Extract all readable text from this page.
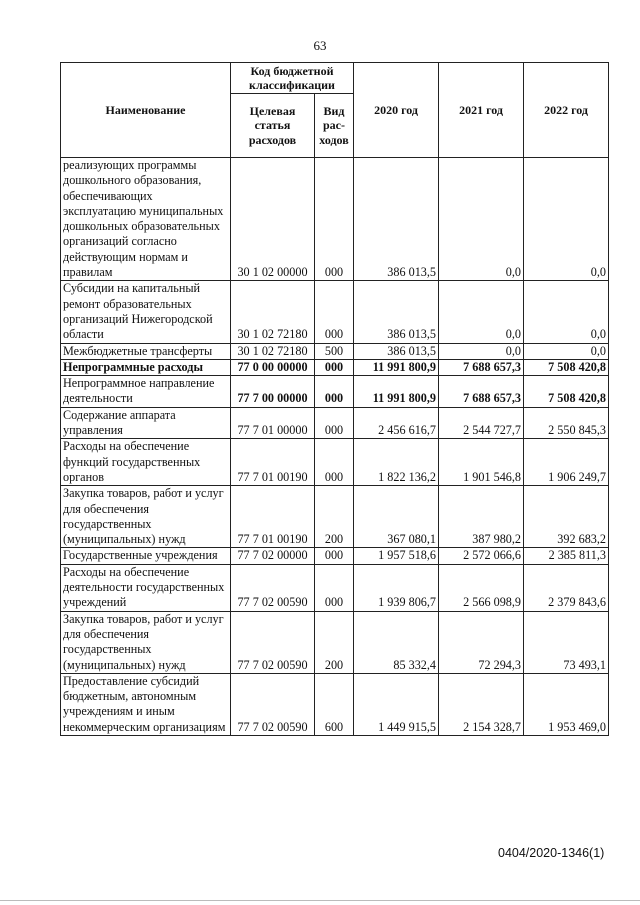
63
Наименование	Код бюджетной классификации		2020 год	2021 год	2022 год
	Целевая статья расходов	Вид рас- ходов			
реализующих программы дошкольного образования, обеспечивающих эксплуатацию муниципальных дошкольных образовательных организаций согласно действующим нормам и правилам	30 1 02 00000	000	386 013,5	0,0	0,0
Субсидии на капитальный ремонт образовательных организаций Нижегородской области	30 1 02 72180	000	386 013,5	0,0	0,0
Межбюджетные трансферты	30 1 02 72180	500	386 013,5	0,0	0,0
Непрограммные расходы	77 0 00 00000	000	11 991 800,9	7 688 657,3	7 508 420,8
Непрограммное направление деятельности	77 7 00 00000	000	11 991 800,9	7 688 657,3	7 508 420,8
Содержание аппарата управления	77 7 01 00000	000	2 456 616,7	2 544 727,7	2 550 845,3
Расходы на обеспечение функций государственных органов	77 7 01 00190	000	1 822 136,2	1 901 546,8	1 906 249,7
Закупка товаров, работ и услуг для обеспечения государственных (муниципальных) нужд	77 7 01 00190	200	367 080,1	387 980,2	392 683,2
Государственные учреждения	77 7 02 00000	000	1 957 518,6	2 572 066,6	2 385 811,3
Расходы на обеспечение деятельности государственных учреждений	77 7 02 00590	000	1 939 806,7	2 566 098,9	2 379 843,6
Закупка товаров, работ и услуг для обеспечения государственных (муниципальных) нужд	77 7 02 00590	200	85 332,4	72 294,3	73 493,1
Предоставление субсидий бюджетным, автономным учреждениям и иным некоммерческим организациям	77 7 02 00590	600	1 449 915,5	2 154 328,7	1 953 469,0
0404/2020-1346(1)
